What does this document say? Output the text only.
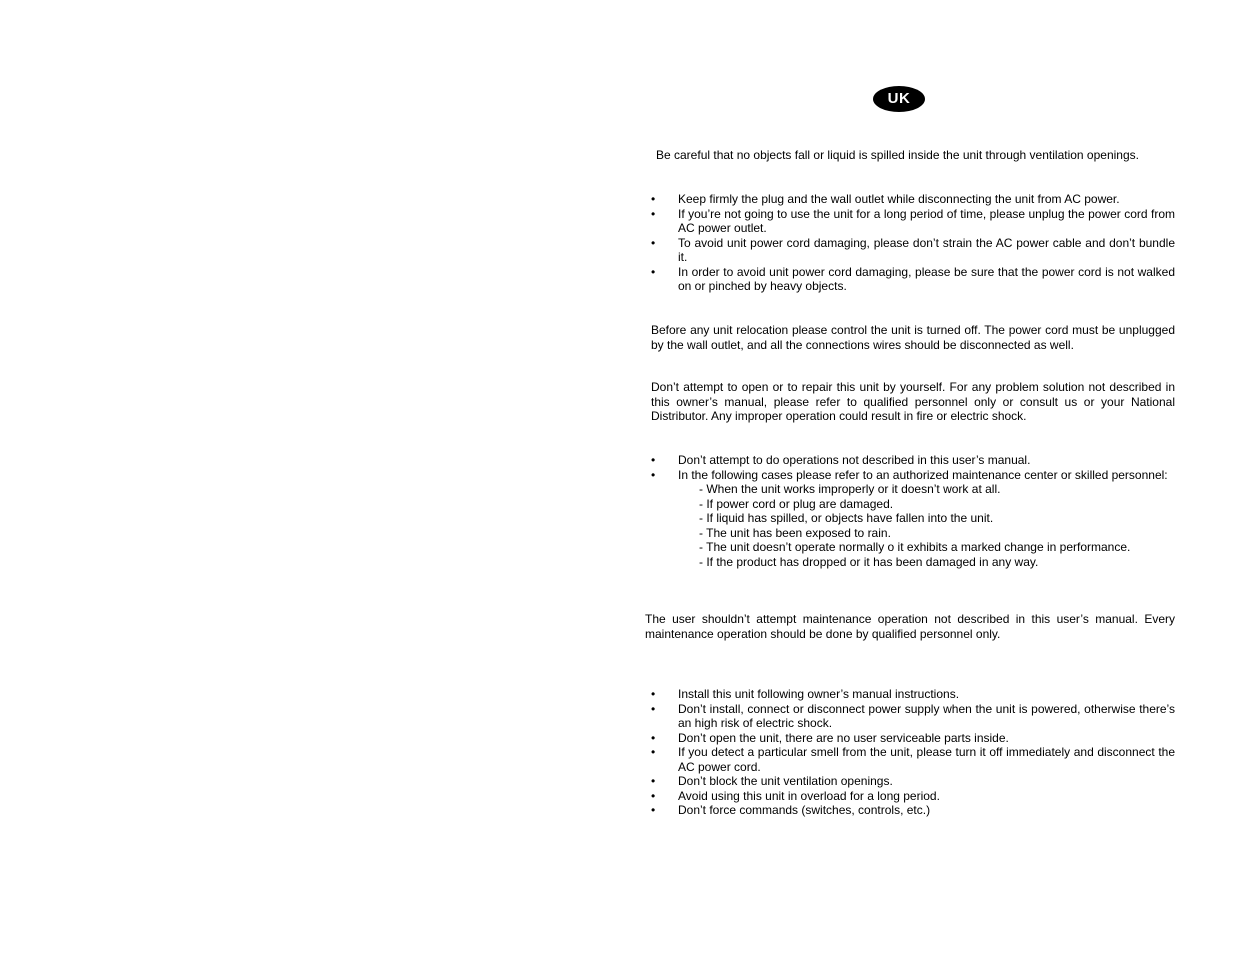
UK

Be careful that no objects fall or liquid is spilled inside the unit through ventilation openings.

• Keep firmly the plug and the wall outlet while disconnecting the unit from AC power.
• If you’re not going to use the unit for a long period of time, please unplug the power cord from AC power outlet.
• To avoid unit power cord damaging, please don’t strain the AC power cable and don’t bundle it.
• In order to avoid unit power cord damaging, please be sure that the power cord is not walked on or pinched by heavy objects.

Before any unit relocation please control the unit is turned off. The power cord must be unplugged by the wall outlet, and all the connections wires should be disconnected as well.

Don’t attempt to open or to repair this unit by yourself. For any problem solution not described in this owner’s manual, please refer to qualified personnel only or consult us or your National Distributor. Any improper operation could result in fire or electric shock.

• Don’t attempt to do operations not described in this user’s manual.
• In the following cases please refer to an authorized maintenance center or skilled personnel:
- When the unit works improperly or it doesn’t work at all.
- If power cord or plug are damaged.
- If liquid has spilled, or objects have fallen into the unit.
- The unit has been exposed to rain.
- The unit doesn’t operate normally o it exhibits a marked change in performance.
- If the product has dropped or it has been damaged in any way.

The user shouldn’t attempt maintenance operation not described in this user’s manual. Every maintenance operation should be done by qualified personnel only.

• Install this unit following owner’s manual instructions.
• Don’t install, connect or disconnect power supply when the unit is powered, otherwise there’s an high risk of electric shock.
• Don’t open the unit, there are no user serviceable parts inside.
• If you detect a particular smell from the unit, please turn it off immediately and disconnect the AC power cord.
• Don’t block the unit ventilation openings.
• Avoid using this unit in overload for a long period.
• Don’t force commands (switches, controls, etc.)
